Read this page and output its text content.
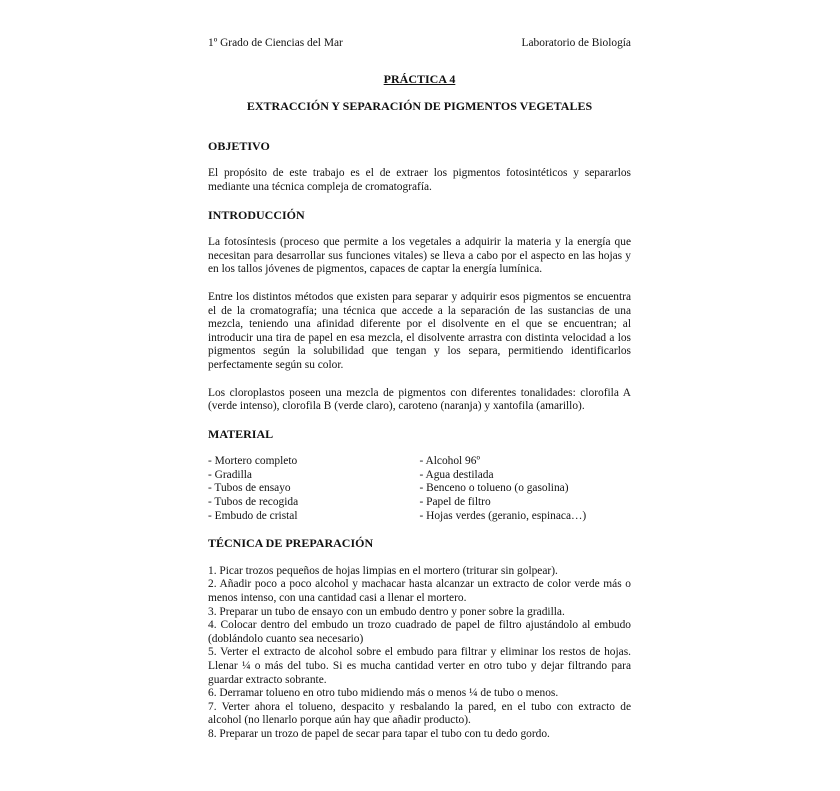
1º Grado de Ciencias del Mar	Laboratorio de Biología
PRÁCTICA 4
EXTRACCIÓN Y SEPARACIÓN DE PIGMENTOS VEGETALES
OBJETIVO
El propósito de este trabajo es el de extraer los pigmentos fotosintéticos y separarlos mediante una técnica compleja de cromatografía.
INTRODUCCIÓN
La fotosíntesis (proceso que permite a los vegetales a adquirir la materia y la energía que necesitan para desarrollar sus funciones vitales) se lleva a cabo por el aspecto en las hojas y en los tallos jóvenes de pigmentos, capaces de captar la energía lumínica.
Entre los distintos métodos que existen para separar y adquirir esos pigmentos se encuentra el de la cromatografía; una técnica que accede a la separación de las sustancias de una mezcla, teniendo una afinidad diferente por el disolvente en el que se encuentran; al introducir una tira de papel en esa mezcla, el disolvente arrastra con distinta velocidad a los pigmentos según la solubilidad que tengan y los separa, permitiendo identificarlos perfectamente según su color.
Los cloroplastos poseen una mezcla de pigmentos con diferentes tonalidades: clorofila A (verde intenso), clorofila B (verde claro), caroteno (naranja) y xantofila (amarillo).
MATERIAL
- Mortero completo
- Gradilla
- Tubos de ensayo
- Tubos de recogida
- Embudo de cristal
- Alcohol 96º
- Agua destilada
- Benceno o tolueno (o gasolina)
- Papel de filtro
- Hojas verdes (geranio, espinaca…)
TÉCNICA DE PREPARACIÓN
1. Picar trozos pequeños de hojas limpias en el mortero (triturar sin golpear).
2. Añadir poco a poco alcohol y machacar hasta alcanzar un extracto de color verde más o menos intenso, con una cantidad casi a llenar el mortero.
3. Preparar un tubo de ensayo con un embudo dentro y poner sobre la gradilla.
4. Colocar dentro del embudo un trozo cuadrado de papel de filtro ajustándolo al embudo (doblándolo cuanto sea necesario)
5. Verter el extracto de alcohol sobre el embudo para filtrar y eliminar los restos de hojas. Llenar ¼ o más del tubo. Si es mucha cantidad verter en otro tubo y dejar filtrando para guardar extracto sobrante.
6. Derramar tolueno en otro tubo midiendo más o menos ¼ de tubo o menos.
7. Verter ahora el tolueno, despacito y resbalando la pared, en el tubo con extracto de alcohol (no llenarlo porque aún hay que añadir producto).
8. Preparar un trozo de papel de secar para tapar el tubo con tu dedo gordo.
